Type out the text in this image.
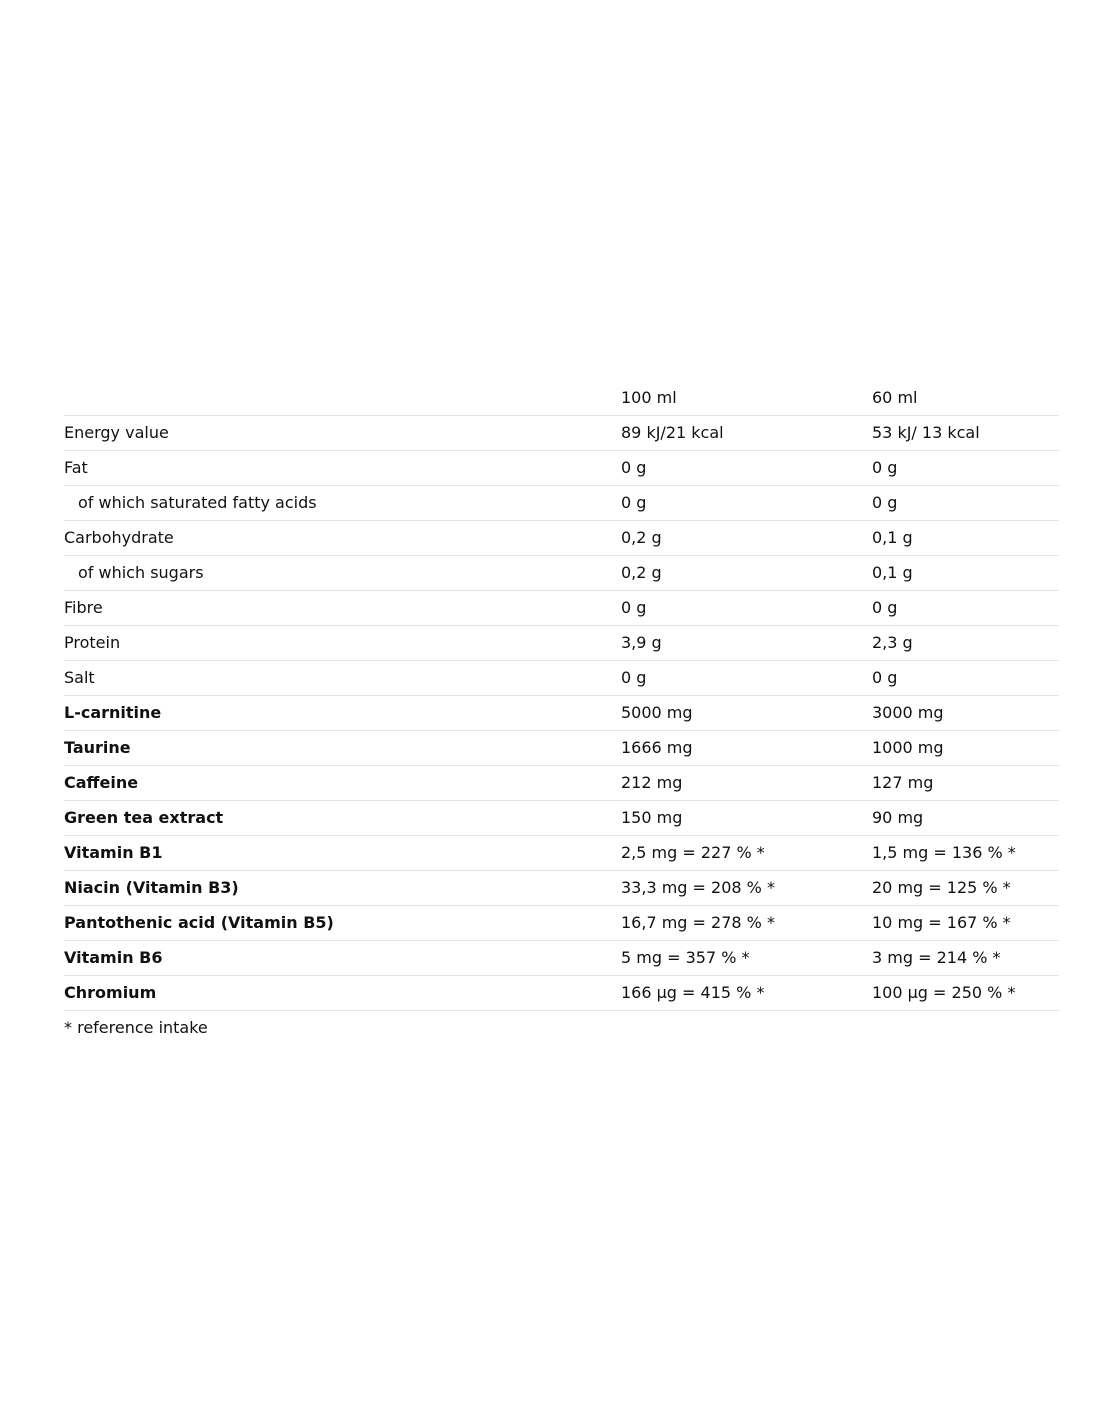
	100 ml	60 ml
Energy value	89 kJ/21 kcal	53 kJ/ 13 kcal
Fat	0 g	0 g
of which saturated fatty acids	0 g	0 g
Carbohydrate	0,2 g	0,1 g
of which sugars	0,2 g	0,1 g
Fibre	0 g	0 g
Protein	3,9 g	2,3 g
Salt	0 g	0 g
L-carnitine	5000 mg	3000 mg
Taurine	1666 mg	1000 mg
Caffeine	212 mg	127 mg
Green tea extract	150 mg	90 mg
Vitamin B1	2,5 mg = 227 % *	1,5 mg = 136 % *
Niacin (Vitamin B3)	33,3 mg = 208 % *	20 mg = 125 % *
Pantothenic acid (Vitamin B5)	16,7 mg = 278 % *	10 mg = 167 % *
Vitamin B6	5 mg = 357 % *	3 mg = 214 % *
Chromium	166 µg = 415 % *	100 µg = 250 % *
* reference intake
